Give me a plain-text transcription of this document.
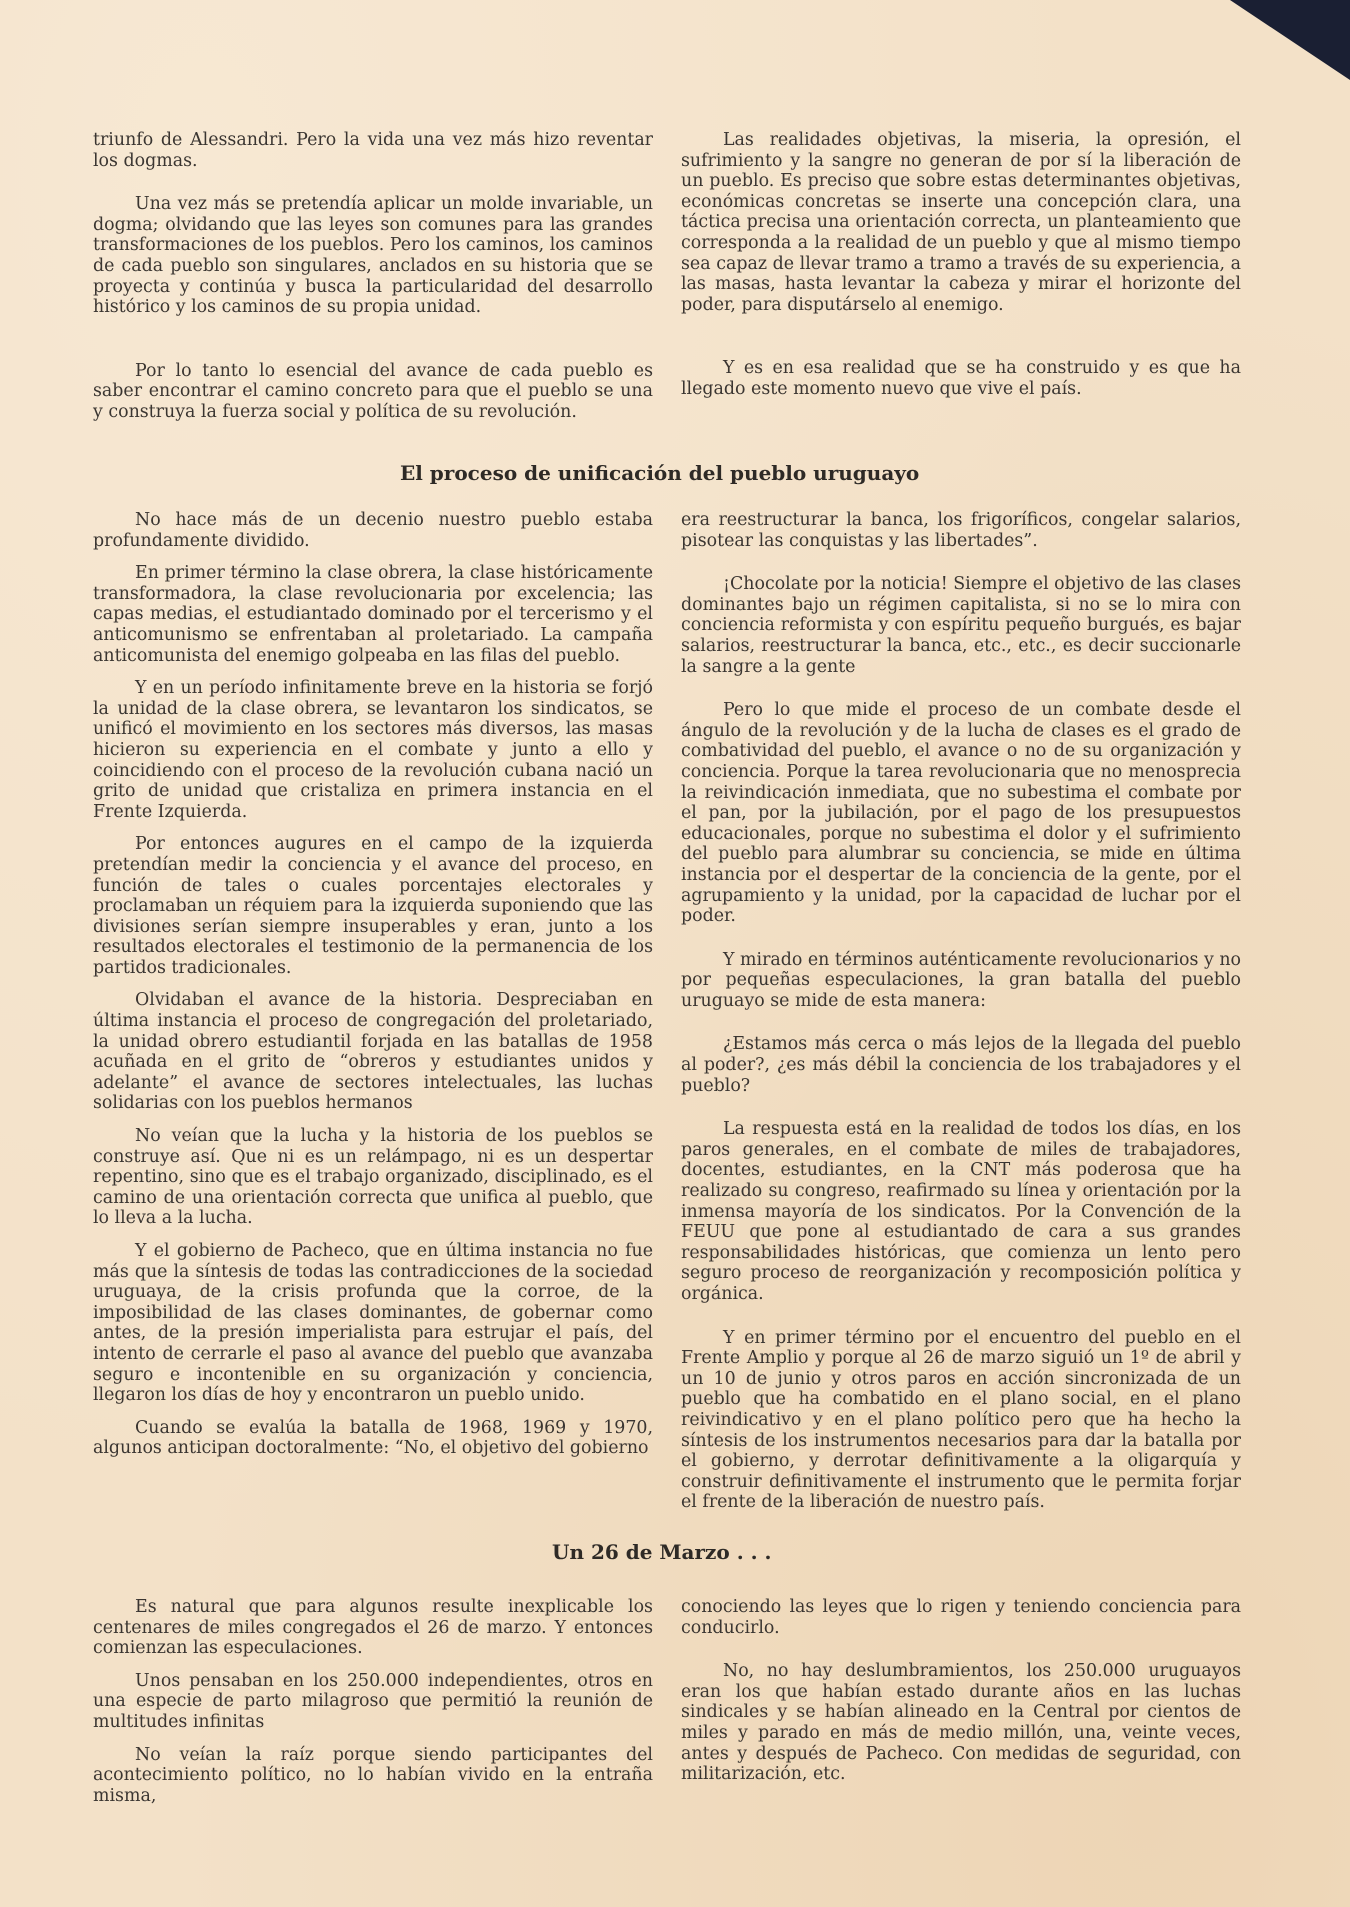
triunfo de Alessandri. Pero la vida una vez más hizo reventar los dogmas.

Una vez más se pretendía aplicar un molde invariable, un dogma; olvidando que las leyes son comunes para las grandes transformaciones de los pueblos. Pero los caminos, los caminos de cada pueblo son singulares, anclados en su historia que se proyecta y continúa y busca la particularidad del desarrollo histórico y los caminos de su propia unidad.

Por lo tanto lo esencial del avance de cada pueblo es saber encontrar el camino concreto para que el pueblo se una y construya la fuerza social y política de su revolución.

Las realidades objetivas, la miseria, la opresión, el sufrimiento y la sangre no generan de por sí la liberación de un pueblo. Es preciso que sobre estas determinantes objetivas, económicas concretas se inserte una concepción clara, una táctica precisa una orientación correcta, un planteamiento que corresponda a la realidad de un pueblo y que al mismo tiempo sea capaz de llevar tramo a tramo a través de su experiencia, a las masas, hasta levantar la cabeza y mirar el horizonte del poder, para disputárselo al enemigo.

Y es en esa realidad que se ha construido y es que ha llegado este momento nuevo que vive el país.

El proceso de unificación del pueblo uruguayo

No hace más de un decenio nuestro pueblo estaba profundamente dividido.

En primer término la clase obrera, la clase históricamente transformadora, la clase revolucionaria por excelencia; las capas medias, el estudiantado dominado por el tercerismo y el anticomunismo se enfrentaban al proletariado. La campaña anticomunista del enemigo golpeaba en las filas del pueblo.

Y en un período infinitamente breve en la historia se forjó la unidad de la clase obrera, se levantaron los sindicatos, se unificó el movimiento en los sectores más diversos, las masas hicieron su experiencia en el combate y junto a ello y coincidiendo con el proceso de la revolución cubana nació un grito de unidad que cristaliza en primera instancia en el Frente Izquierda.

Por entonces augures en el campo de la izquierda pretendían medir la conciencia y el avance del proceso, en función de tales o cuales porcentajes electorales y proclamaban un réquiem para la izquierda suponiendo que las divisiones serían siempre insuperables y eran, junto a los resultados electorales el testimonio de la permanencia de los partidos tradicionales.

Olvidaban el avance de la historia. Despreciaban en última instancia el proceso de congregación del proletariado, la unidad obrero estudiantil forjada en las batallas de 1958 acuñada en el grito de “obreros y estudiantes unidos y adelante” el avance de sectores intelectuales, las luchas solidarias con los pueblos hermanos

No veían que la lucha y la historia de los pueblos se construye así. Que ni es un relámpago, ni es un despertar repentino, sino que es el trabajo organizado, disciplinado, es el camino de una orientación correcta que unifica al pueblo, que lo lleva a la lucha.

Y el gobierno de Pacheco, que en última instancia no fue más que la síntesis de todas las contradicciones de la sociedad uruguaya, de la crisis profunda que la corroe, de la imposibilidad de las clases dominantes, de gobernar como antes, de la presión imperialista para estrujar el país, del intento de cerrarle el paso al avance del pueblo que avanzaba seguro e incontenible en su organización y conciencia, llegaron los días de hoy y encontraron un pueblo unido.

Cuando se evalúa la batalla de 1968, 1969 y 1970, algunos anticipan doctoralmente: “No, el objetivo del gobierno

era reestructurar la banca, los frigoríficos, congelar salarios, pisotear las conquistas y las libertades”.

¡Chocolate por la noticia! Siempre el objetivo de las clases dominantes bajo un régimen capitalista, si no se lo mira con conciencia reformista y con espíritu pequeño burgués, es bajar salarios, reestructurar la banca, etc., etc., es decir succionarle la sangre a la gente

Pero lo que mide el proceso de un combate desde el ángulo de la revolución y de la lucha de clases es el grado de combatividad del pueblo, el avance o no de su organización y conciencia. Porque la tarea revolucionaria que no menosprecia la reivindicación inmediata, que no subestima el combate por el pan, por la jubilación, por el pago de los presupuestos educacionales, porque no subestima el dolor y el sufrimiento del pueblo para alumbrar su conciencia, se mide en última instancia por el despertar de la conciencia de la gente, por el agrupamiento y la unidad, por la capacidad de luchar por el poder.

Y mirado en términos auténticamente revolucionarios y no por pequeñas especulaciones, la gran batalla del pueblo uruguayo se mide de esta manera:

¿Estamos más cerca o más lejos de la llegada del pueblo al poder?, ¿es más débil la conciencia de los trabajadores y el pueblo?

La respuesta está en la realidad de todos los días, en los paros generales, en el combate de miles de trabajadores, docentes, estudiantes, en la CNT más poderosa que ha realizado su congreso, reafirmado su línea y orientación por la inmensa mayoría de los sindicatos. Por la Convención de la FEUU que pone al estudiantado de cara a sus grandes responsabilidades históricas, que comienza un lento pero seguro proceso de reorganización y recomposición política y orgánica.

Y en primer término por el encuentro del pueblo en el Frente Amplio y porque al 26 de marzo siguió un 1º de abril y un 10 de junio y otros paros en acción sincronizada de un pueblo que ha combatido en el plano social, en el plano reivindicativo y en el plano político pero que ha hecho la síntesis de los instrumentos necesarios para dar la batalla por el gobierno, y derrotar definitivamente a la oligarquía y construir definitivamente el instrumento que le permita forjar el frente de la liberación de nuestro país.

Un 26 de Marzo . . .

Es natural que para algunos resulte inexplicable los centenares de miles congregados el 26 de marzo. Y entonces comienzan las especulaciones.

Unos pensaban en los 250.000 independientes, otros en una especie de parto milagroso que permitió la reunión de multitudes infinitas

No veían la raíz porque siendo participantes del acontecimiento político, no lo habían vivido en la entraña misma,

conociendo las leyes que lo rigen y teniendo conciencia para conducirlo.

No, no hay deslumbramientos, los 250.000 uruguayos eran los que habían estado durante años en las luchas sindicales y se habían alineado en la Central por cientos de miles y parado en más de medio millón, una, veinte veces, antes y después de Pacheco. Con medidas de seguridad, con militarización, etc.
